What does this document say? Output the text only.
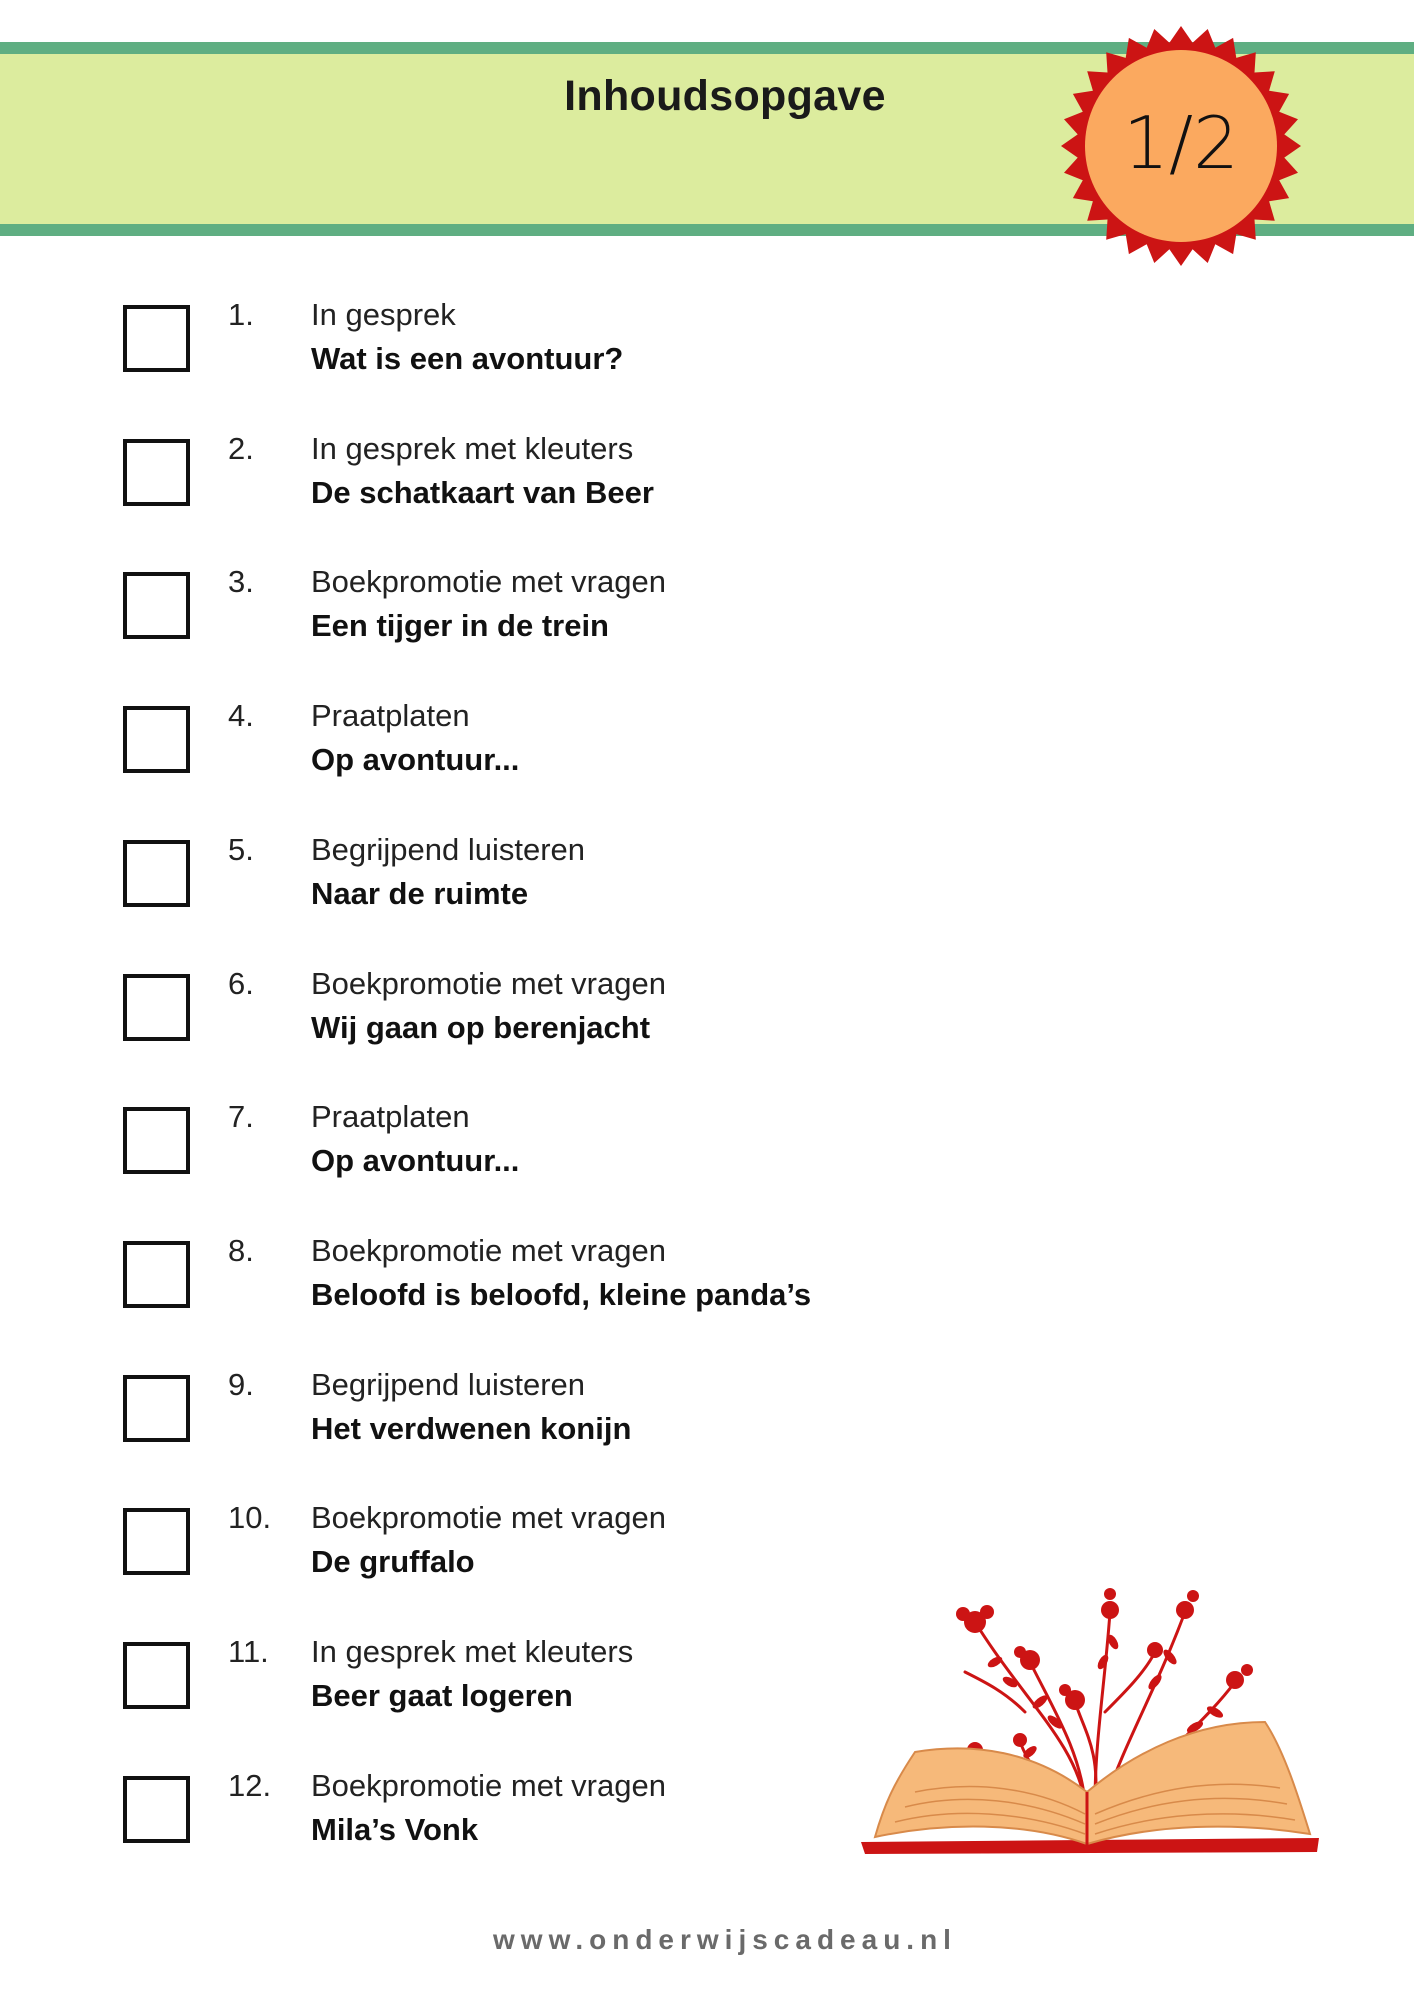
Inhoudsopgave
1/2
1. In gesprek
Wat is een avontuur?
2. In gesprek met kleuters
De schatkaart van Beer
3. Boekpromotie met vragen
Een tijger in de trein
4. Praatplaten
Op avontuur...
5. Begrijpend luisteren
Naar de ruimte
6. Boekpromotie met vragen
Wij gaan op berenjacht
7. Praatplaten
Op avontuur...
8. Boekpromotie met vragen
Beloofd is beloofd, kleine panda’s
9. Begrijpend luisteren
Het verdwenen konijn
10. Boekpromotie met vragen
De gruffalo
11. In gesprek met kleuters
Beer gaat logeren
12. Boekpromotie met vragen
Mila’s Vonk
www.onderwijscadeau.nl
